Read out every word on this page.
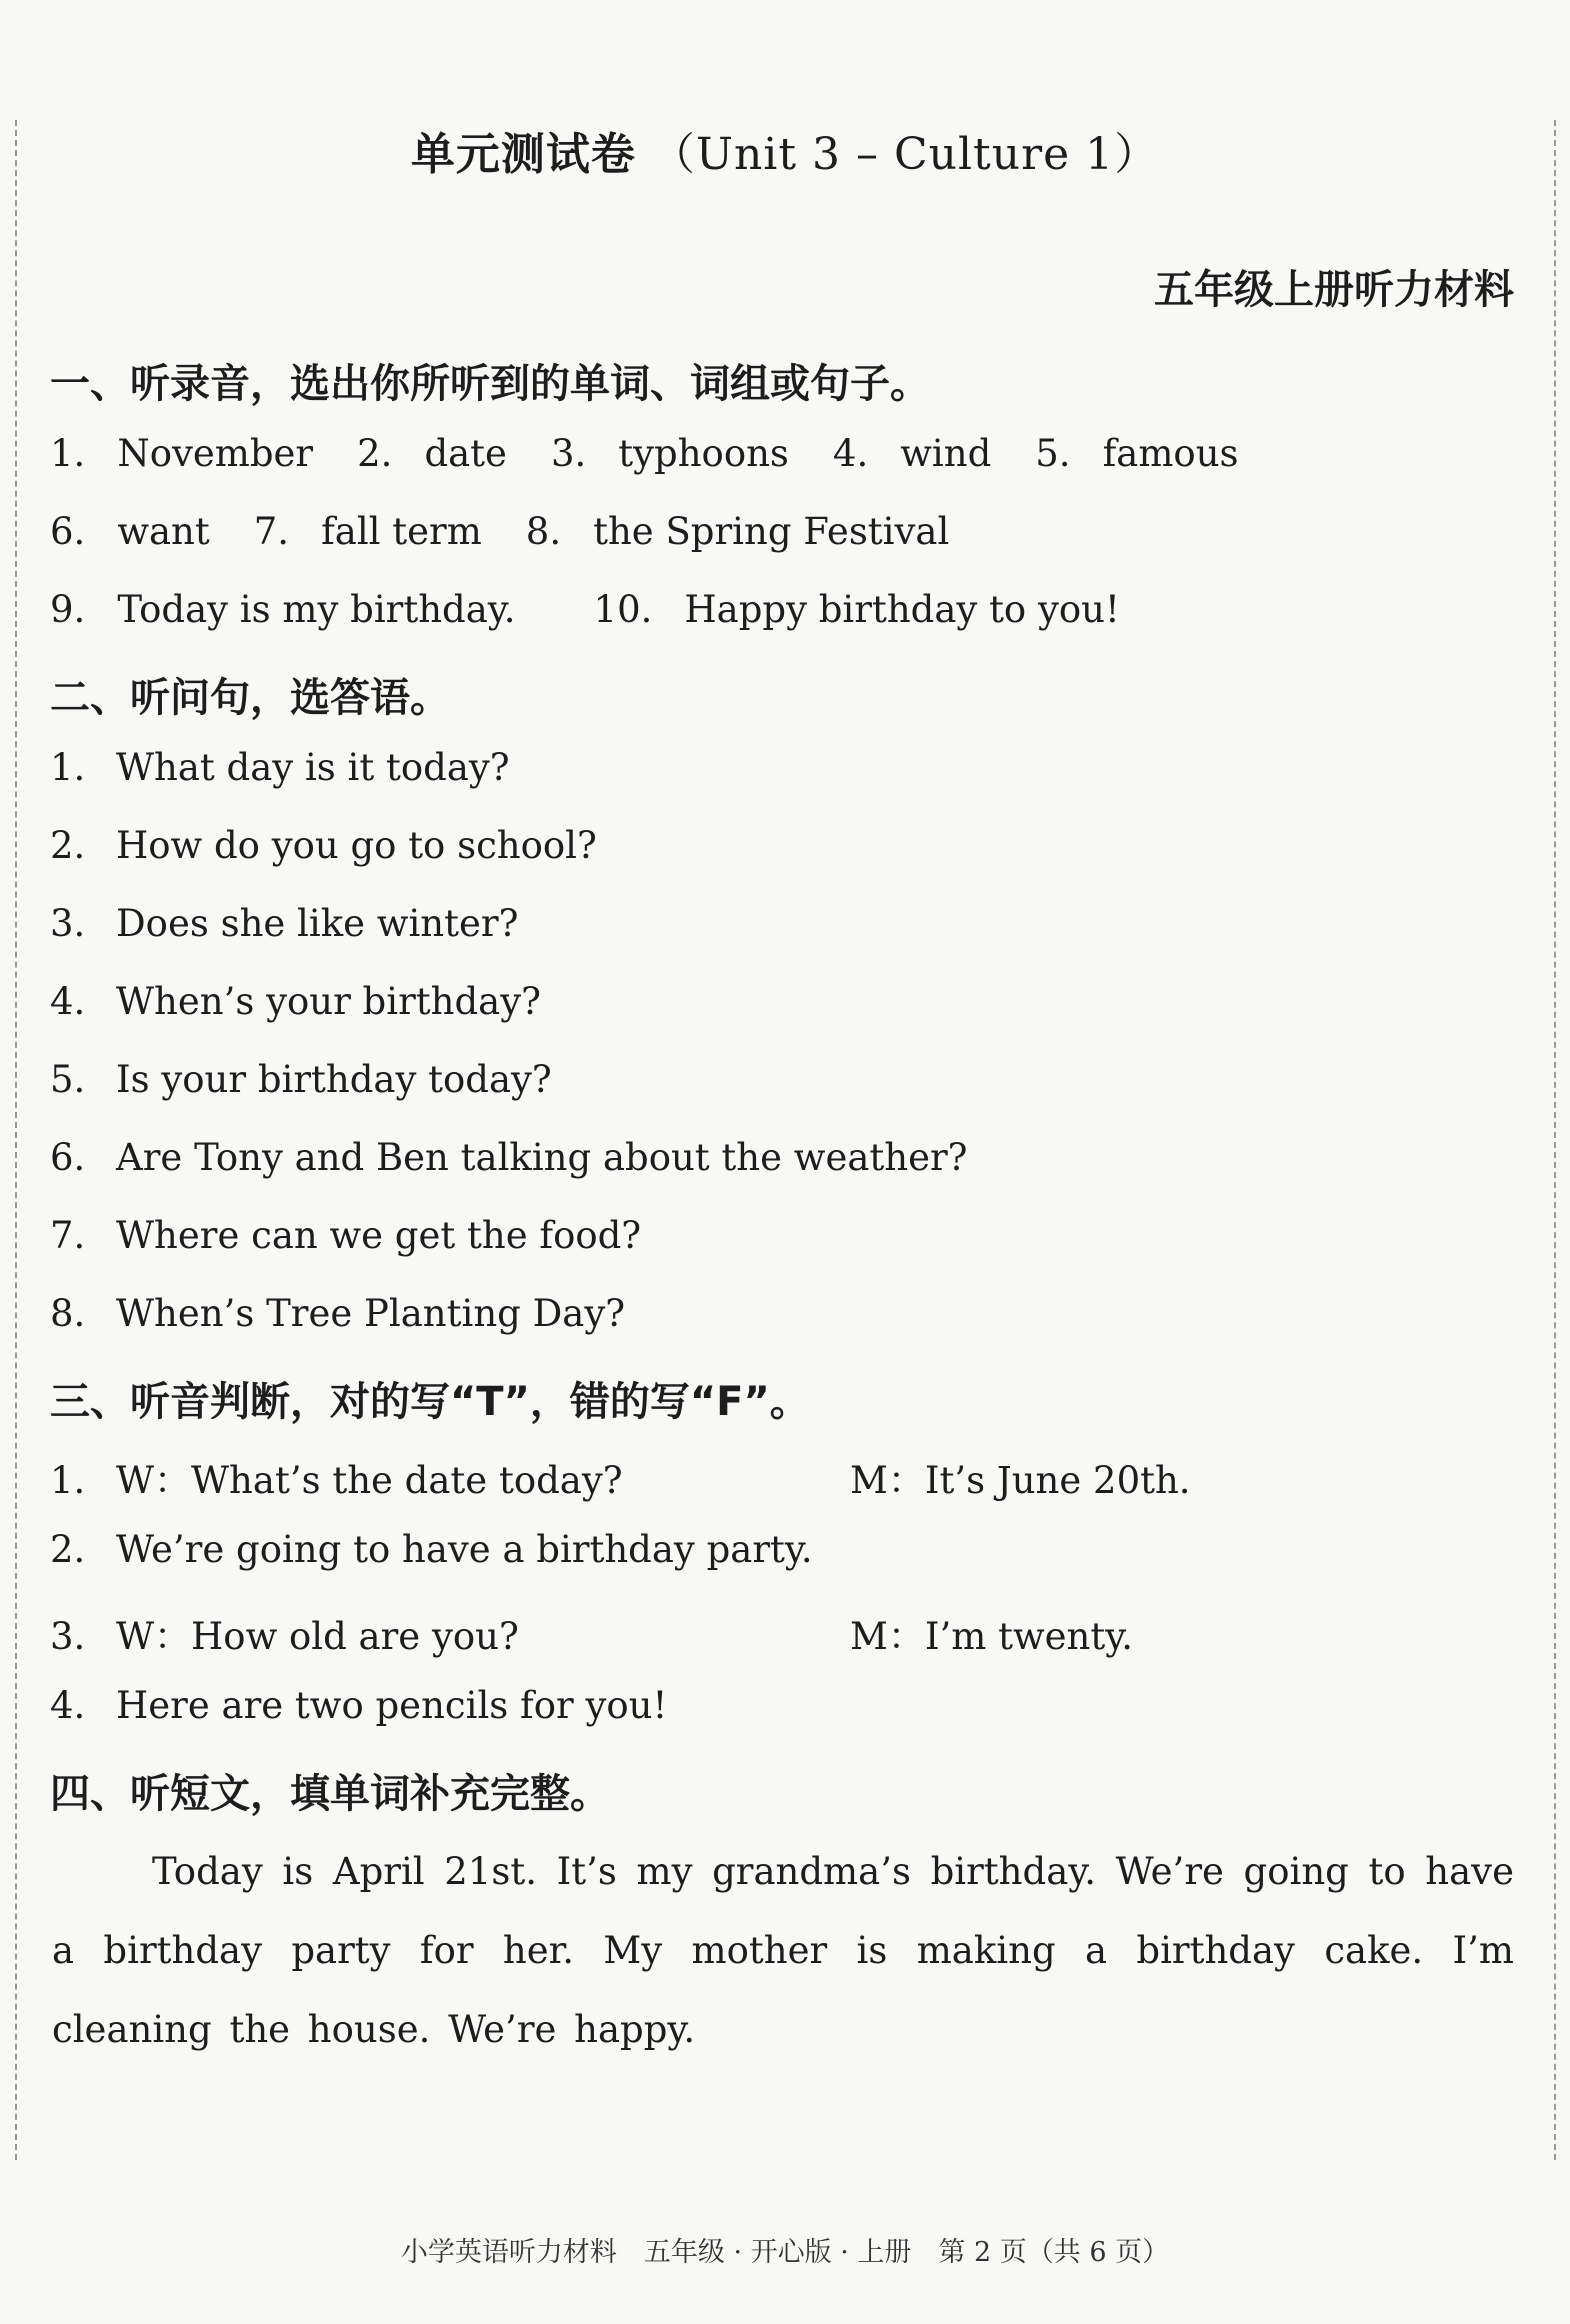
单元测试卷 （Unit 3 – Culture 1）
五年级上册听力材料
一、听录音，选出你所听到的单词、词组或句子。
1. November 2. date 3. typhoons 4. wind 5. famous
6. want 7. fall term 8. the Spring Festival
9. Today is my birthday. 10. Happy birthday to you!
二、听问句，选答语。
1. What day is it today?
2. How do you go to school?
3. Does she like winter?
4. When’s your birthday?
5. Is your birthday today?
6. Are Tony and Ben talking about the weather?
7. Where can we get the food?
8. When’s Tree Planting Day?
三、听音判断，对的写“T”，错的写“F”。
1. W：What’s the date today?	M：It’s June 20th.
2. We’re going to have a birthday party.
3. W：How old are you?	M：I’m twenty.
4. Here are two pencils for you!
四、听短文，填单词补充完整。
Today is April 21st. It’s my grandma’s birthday. We’re going to have a birthday party for her. My mother is making a birthday cake. I’m cleaning the house. We’re happy.
小学英语听力材料　五年级 · 开心版 · 上册　第 2 页（共 6 页）
